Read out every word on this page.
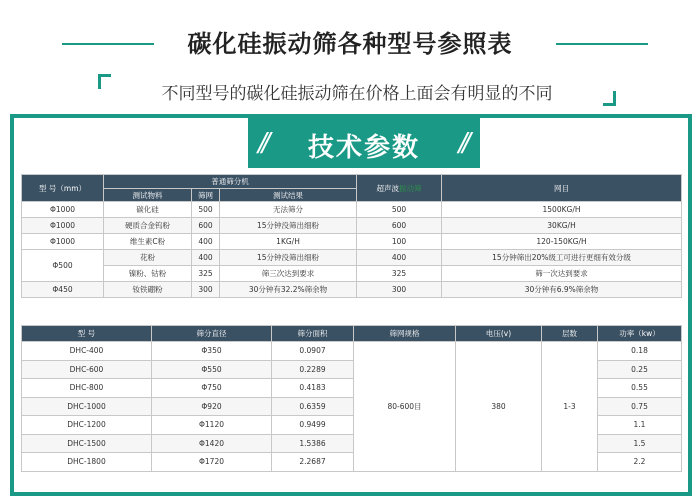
碳化硅振动筛各种型号参照表
不同型号的碳化硅振动筛在价格上面会有明显的不同
//	技术参数	//
型 号（mm）	普通筛分机			超声波振动筛	网目
	测试物料	筛网	测试结果		
Φ1000	碳化硅	500	无法筛分	500	1500KG/H
Φ1000	硬质合金钨粉	600	15分钟没筛出细粉	600	30KG/H
Φ1000	维生素C粉	400	1KG/H	100	120-150KG/H
Φ500	花粉	400	15分钟没筛出细粉	400	15分钟筛出20%级工可进行更细有效分级
	镍粉、钴粉	325	筛三次达到要求	325	筛一次达到要求
Φ450	钕铁硼粉	300	30分钟有32.2%筛余物	300	30分钟有6.9%筛余物
型 号	筛分直径	筛分面积	筛网规格	电压(v)	层数	功率（kw）
DHC-400	Φ350	0.0907	80-600目	380	1-3	0.18
DHC-600	Φ550	0.2289				0.25
DHC-800	Φ750	0.4183				0.55
DHC-1000	Φ920	0.6359				0.75
DHC-1200	Φ1120	0.9499				1.1
DHC-1500	Φ1420	1.5386				1.5
DHC-1800	Φ1720	2.2687				2.2
